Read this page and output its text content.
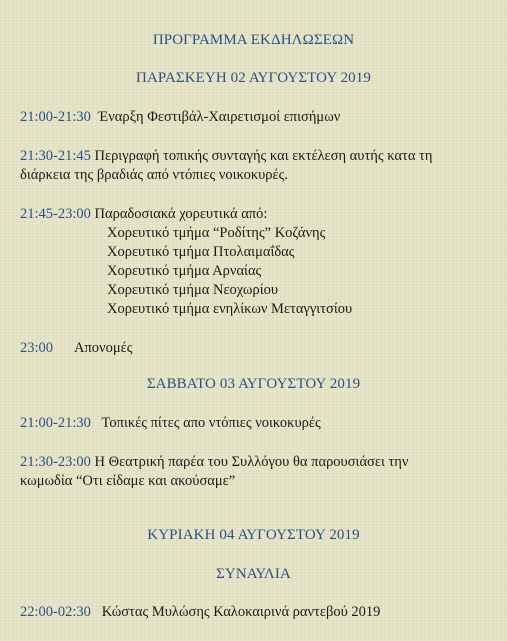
ΠΡΟΓΡΑΜΜΑ ΕΚΔΗΛΩΣΕΩΝ
ΠΑΡΑΣΚΕΥΗ 02 ΑΥΓΟΥΣΤΟΥ 2019
21:00-21:30 Έναρξη Φεστιβάλ-Χαιρετισμοί επισήμων
21:30-21:45 Περιγραφή τοπικής συνταγής και εκτέλεση αυτής κατα τη
διάρκεια της βραδιάς από ντόπιες νοικοκυρές.
21:45-23:00 Παραδοσιακά χορευτικά από:
Χορευτικό τμήμα “Ροδίτης” Κοζάνης
Χορευτικό τμήμα Πτολαιμαΐδας
Χορευτικό τμήμα Αρναίας
Χορευτικό τμήμα Νεοχωρίου
Χορευτικό τμήμα ενηλίκων Μεταγγιτσίου
23:00 Απονομές
ΣΑΒΒΑΤΟ 03 ΑΥΓΟΥΣΤΟΥ 2019
21:00-21:30 Τοπικές πίτες απο ντόπιες νοικοκυρές
21:30-23:00 Η Θεατρική παρέα του Συλλόγου θα παρουσιάσει την
κωμωδία “Οτι είδαμε και ακούσαμε”
ΚΥΡΙΑΚΗ 04 ΑΥΓΟΥΣΤΟΥ 2019
ΣΥΝΑΥΛΙΑ
22:00-02:30 Κώστας Μυλώσης Καλοκαιρινά ραντεβού 2019
